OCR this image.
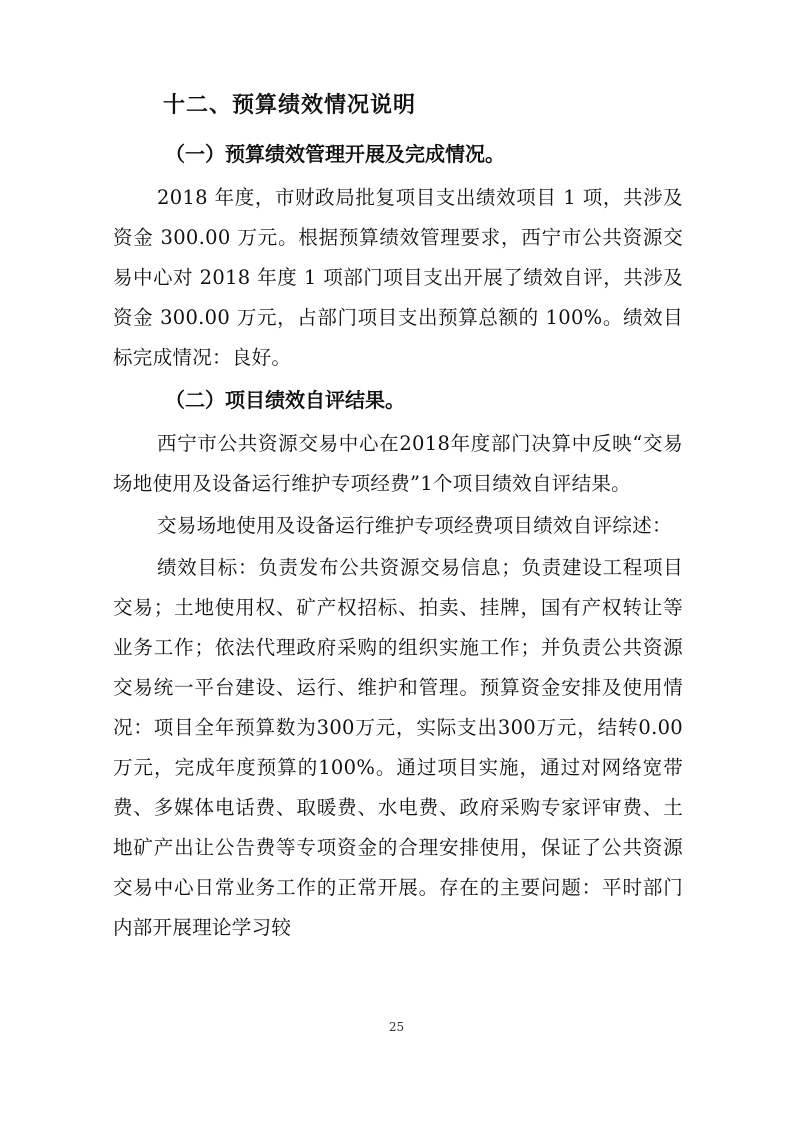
十二、预算绩效情况说明
（一）预算绩效管理开展及完成情况。

2018 年度，市财政局批复项目支出绩效项目 1 项，共涉及资金 300.00 万元。根据预算绩效管理要求，西宁市公共资源交易中心对 2018 年度 1 项部门项目支出开展了绩效自评，共涉及资金 300.00 万元，占部门项目支出预算总额的 100%。绩效目标完成情况：良好。

（二）项目绩效自评结果。

西宁市公共资源交易中心在2018年度部门决算中反映“交易场地使用及设备运行维护专项经费”1个项目绩效自评结果。

交易场地使用及设备运行维护专项经费项目绩效自评综述：

绩效目标：负责发布公共资源交易信息；负责建设工程项目交易；土地使用权、矿产权招标、拍卖、挂牌，国有产权转让等业务工作；依法代理政府采购的组织实施工作；并负责公共资源交易统一平台建设、运行、维护和管理。预算资金安排及使用情况：项目全年预算数为300万元，实际支出300万元，结转0.00万元，完成年度预算的100%。通过项目实施，通过对网络宽带费、多媒体电话费、取暖费、水电费、政府采购专家评审费、土地矿产出让公告费等专项资金的合理安排使用，保证了公共资源交易中心日常业务工作的正常开展。存在的主要问题：平时部门内部开展理论学习较

25
